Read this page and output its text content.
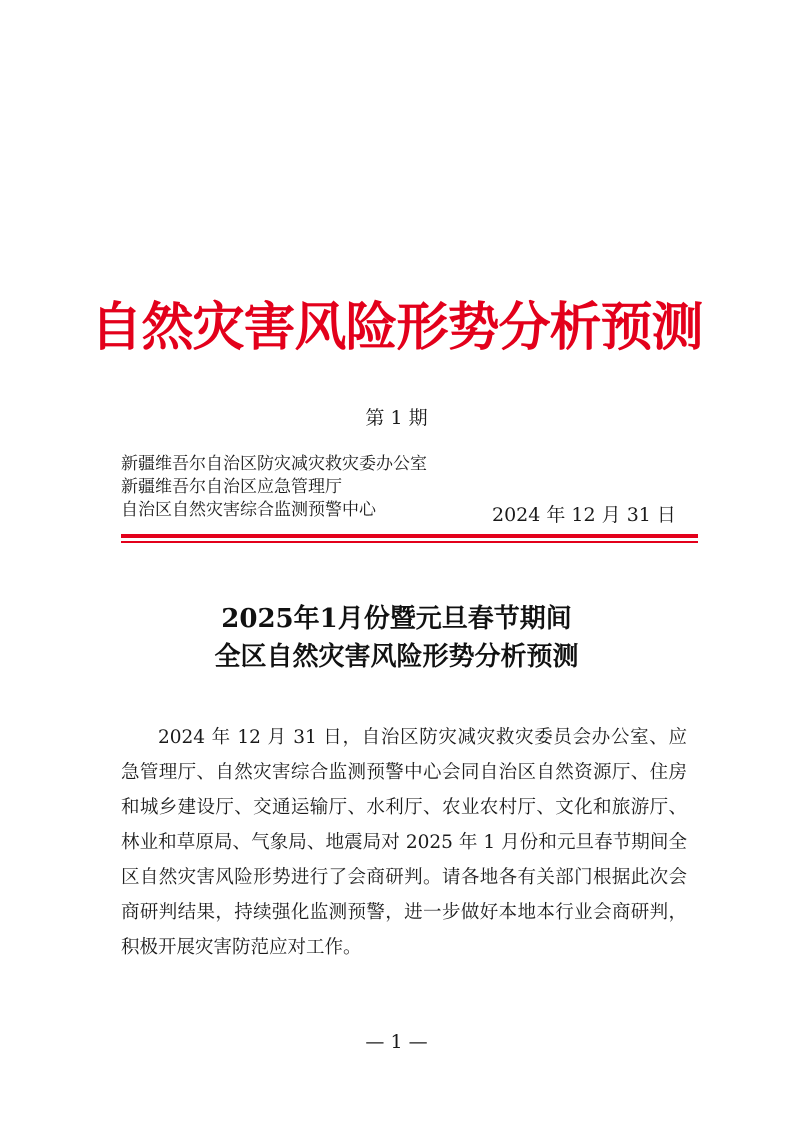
自然灾害风险形势分析预测
第 1 期
新疆维吾尔自治区防灾减灾救灾委办公室
新疆维吾尔自治区应急管理厅
自治区自然灾害综合监测预警中心	2024 年 12 月 31 日
2025年1月份暨元旦春节期间
全区自然灾害风险形势分析预测

2024 年 12 月 31 日，自治区防灾减灾救灾委员会办公室、应急管理厅、自然灾害综合监测预警中心会同自治区自然资源厅、住房和城乡建设厅、交通运输厅、水利厅、农业农村厅、文化和旅游厅、林业和草原局、气象局、地震局对 2025 年 1 月份和元旦春节期间全区自然灾害风险形势进行了会商研判。请各地各有关部门根据此次会商研判结果，持续强化监测预警，进一步做好本地本行业会商研判，积极开展灾害防范应对工作。

— 1 —
